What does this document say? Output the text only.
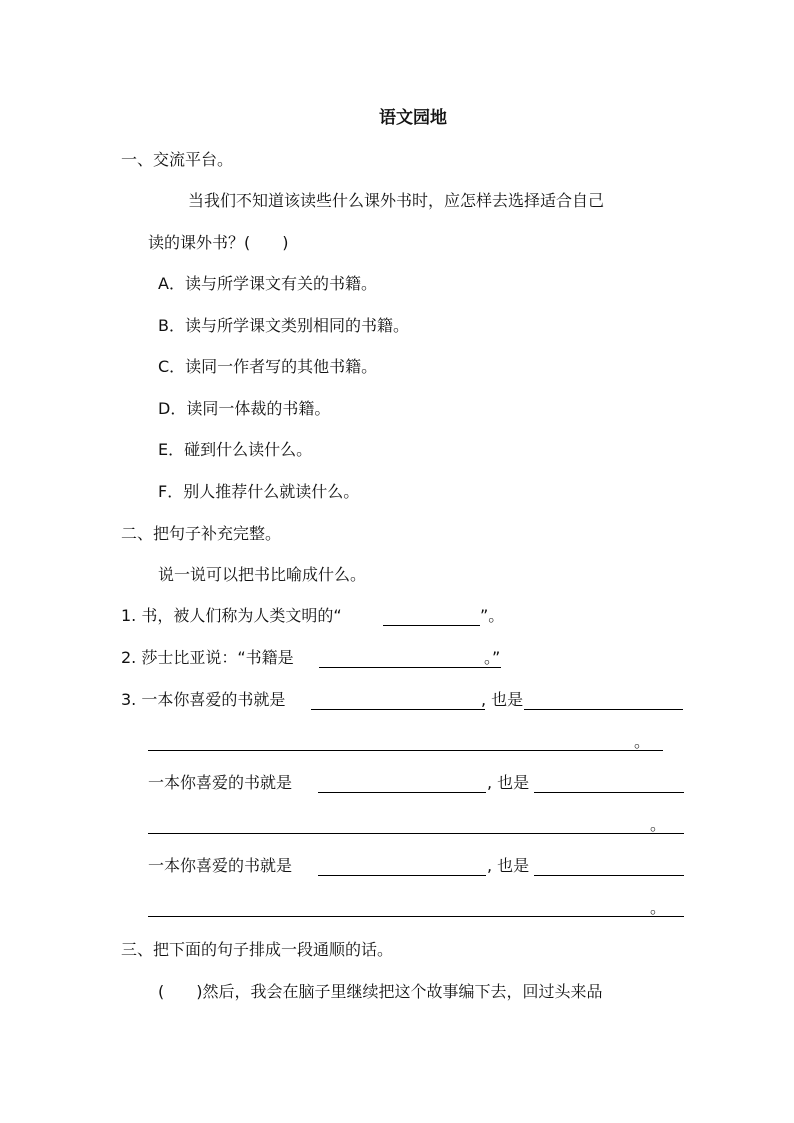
语文园地
一、交流平台。
当我们不知道该读些什么课外书时，应怎样去选择适合自己
读的课外书？(　　)
A．读与所学课文有关的书籍。
B．读与所学课文类别相同的书籍。
C．读同一作者写的其他书籍。
D．读同一体裁的书籍。
E．碰到什么读什么。
F．别人推荐什么就读什么。
二、把句子补充完整。
说一说可以把书比喻成什么。
1. 书，被人们称为人类文明的“	”。
2. 莎士比亚说：“书籍是	。”
3. 一本你喜爱的书就是	, 也是
。
一本你喜爱的书就是	, 也是
。
一本你喜爱的书就是	, 也是
。
三、把下面的句子排成一段通顺的话。
(　　)然后，我会在脑子里继续把这个故事编下去，回过头来品
